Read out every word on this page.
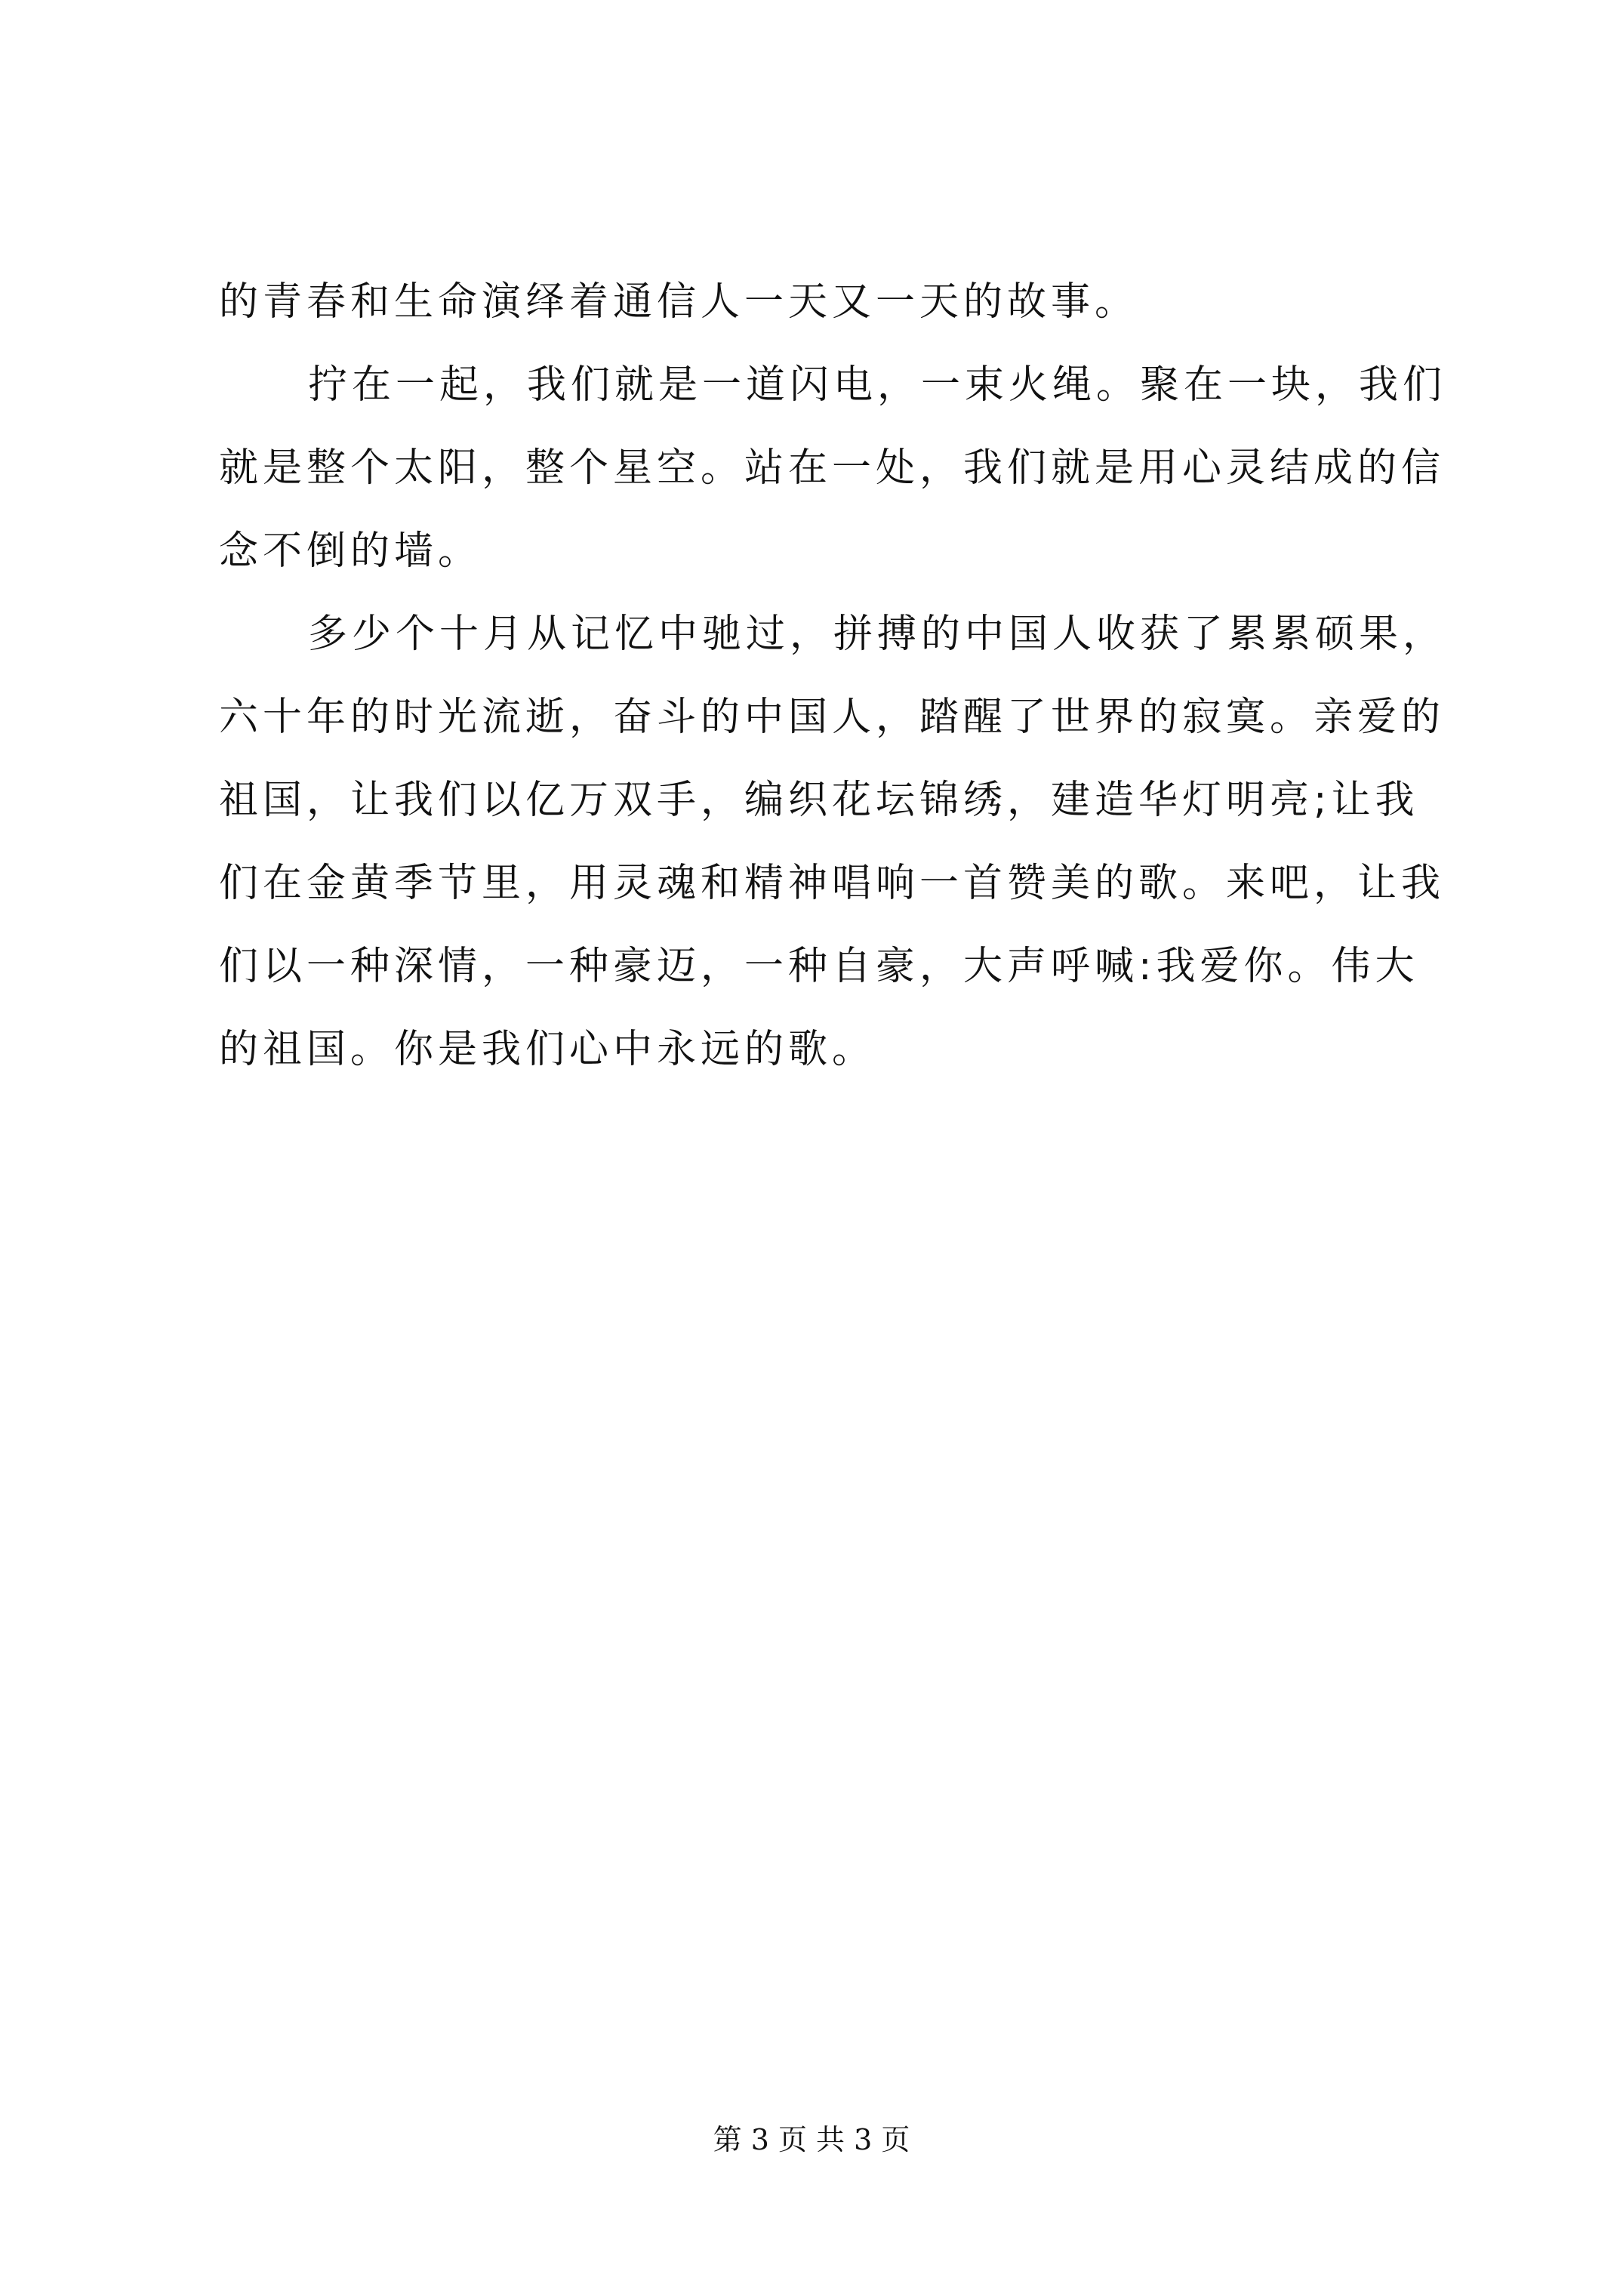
的青春和生命演绎着通信人一天又一天的故事。
拧在一起，我们就是一道闪电，一束火绳。聚在一块，我们
就是整个太阳，整个星空。站在一处，我们就是用心灵结成的信
念不倒的墙。
多少个十月从记忆中驰过，拼搏的中国人收获了累累硕果，
六十年的时光流逝，奋斗的中国人，踏醒了世界的寂寞。亲爱的
祖国，让我们以亿万双手，编织花坛锦绣，建造华灯明亮;让我
们在金黄季节里，用灵魂和精神唱响一首赞美的歌。来吧，让我
们以一种深情，一种豪迈，一种自豪，大声呼喊:我爱你。伟大
的祖国。你是我们心中永远的歌。
第 3 页 共 3 页
